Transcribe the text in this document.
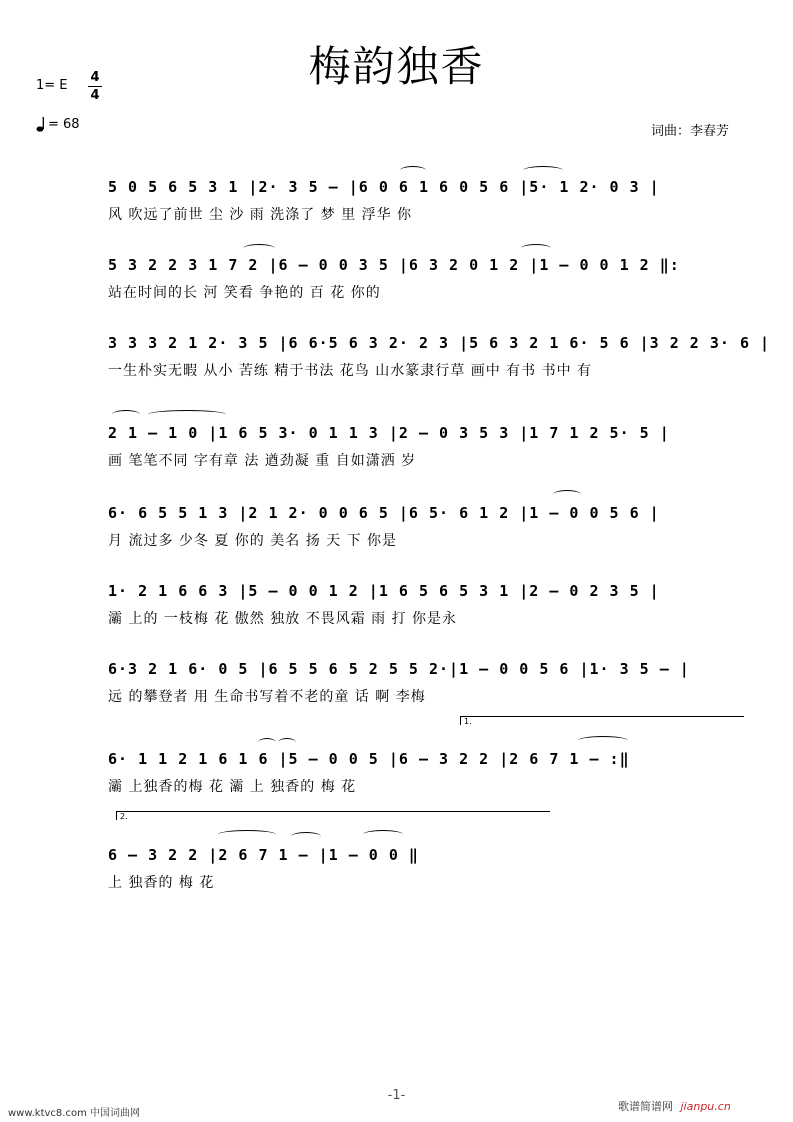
梅韵独香
1= E
4
4
= 68	词曲：李春芳
5 0 5 6 5 3 1 |2· 3 5 – |6 0 6 1 6 0 5 6 |5· 1 2· 0 3 |
风 吹远了前世 尘 沙 雨 洗涤了 梦 里 浮华 你
5 3 2 2 3 1 7 2 |6 – 0 0 3 5 |6 3 2 0 1 2 |1 – 0 0 1 2 ‖:
站在时间的长 河 笑看 争艳的 百 花 你的
3 3 3 2 1 2· 3 5 |6 6·5 6 3 2· 2 3 |5 6 3 2 1 6· 5 6 |3 2 2 3· 6 |
一生朴实无暇 从小 苦练 精于书法 花鸟 山水篆隶行草 画中 有书 书中 有
2 1 – 1 0 |1 6 5 3· 0 1 1 3 |2 – 0 3 5 3 |1 7 1 2 5· 5 |
画 笔笔不同 字有章 法 遒劲凝 重 自如潇洒 岁
6· 6 5 5 1 3 |2 1 2· 0 0 6 5 |6 5· 6 1 2 |1 – 0 0 5 6 |
月 流过多 少冬 夏 你的 美名 扬 天 下 你是
1· 2 1 6 6 3 |5 – 0 0 1 2 |1 6 5 6 5 3 1 |2 – 0 2 3 5 |
灞 上的 一枝梅 花 傲然 独放 不畏风霜 雨 打 你是永
6·3 2 1 6· 0 5 |6 5 5 6 5 2 5 5 2·|1 – 0 0 5 6 |1· 3 5 – |
远 的攀登者 用 生命书写着不老的童 话 啊 李梅
1.
6· 1 1 2 1 6 1 6 |5 – 0 0 5 |6 – 3 2 2 |2 6 7 1 – :‖
灞 上独香的梅 花 灞 上 独香的 梅 花
2.
6 – 3 2 2 |2 6 7 1 – |1 – 0 0 ‖
上 独香的 梅 花
-1-
www.ktvc8.com 中国词曲网
歌谱简谱网 jianpu.cn
